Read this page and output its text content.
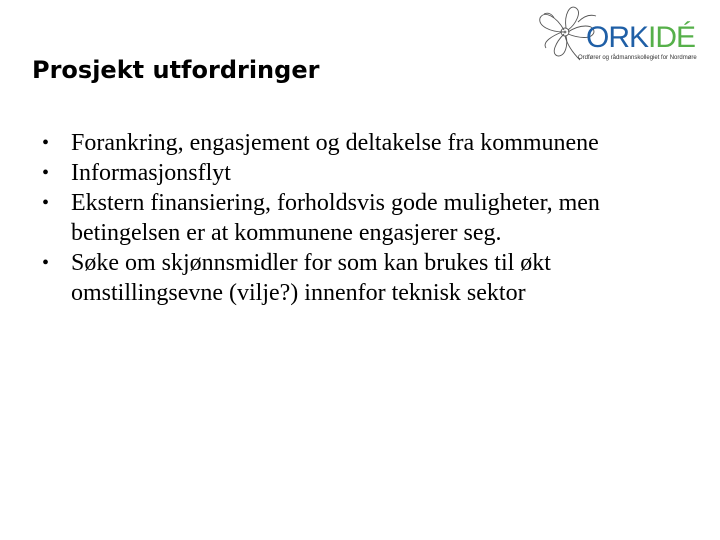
ORKIDÉ
Ordfører og rådmannskollegiet for Nordmøre
Prosjekt utfordringer
• Forankring, engasjement og deltakelse fra kommunene
• Informasjonsflyt
• Ekstern finansiering, forholdsvis gode muligheter, men betingelsen er at kommunene engasjerer seg.
• Søke om skjønnsmidler for som kan brukes til økt omstillingsevne (vilje?) innenfor teknisk sektor
